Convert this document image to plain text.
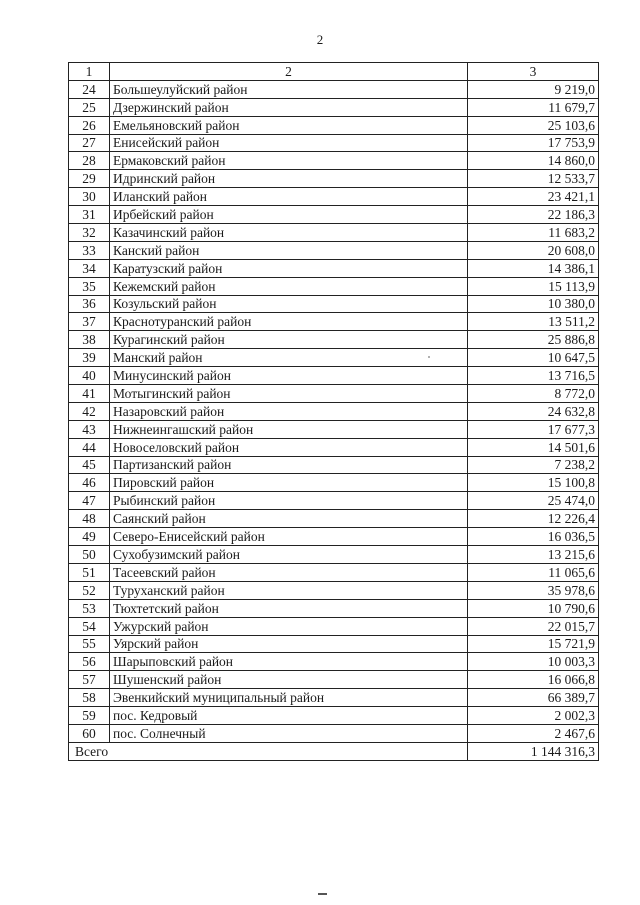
2
1	2	3
24	Большеулуйский район	9 219,0
25	Дзержинский район	11 679,7
26	Емельяновский район	25 103,6
27	Енисейский район	17 753,9
28	Ермаковский район	14 860,0
29	Идринский район	12 533,7
30	Иланский район	23 421,1
31	Ирбейский район	22 186,3
32	Казачинский район	11 683,2
33	Канский район	20 608,0
34	Каратузский район	14 386,1
35	Кежемский район	15 113,9
36	Козульский район	10 380,0
37	Краснотуранский район	13 511,2
38	Курагинский район	25 886,8
39	Манский район	10 647,5
40	Минусинский район	13 716,5
41	Мотыгинский район	8 772,0
42	Назаровский район	24 632,8
43	Нижнеингашский район	17 677,3
44	Новоселовский район	14 501,6
45	Партизанский район	7 238,2
46	Пировский район	15 100,8
47	Рыбинский район	25 474,0
48	Саянский район	12 226,4
49	Северо-Енисейский район	16 036,5
50	Сухобузимский район	13 215,6
51	Тасеевский район	11 065,6
52	Туруханский район	35 978,6
53	Тюхтетский район	10 790,6
54	Ужурский район	22 015,7
55	Уярский район	15 721,9
56	Шарыповский район	10 003,3
57	Шушенский район	16 066,8
58	Эвенкийский муниципальный район	66 389,7
59	пос. Кедровый	2 002,3
60	пос. Солнечный	2 467,6
Всего		1 144 316,3
